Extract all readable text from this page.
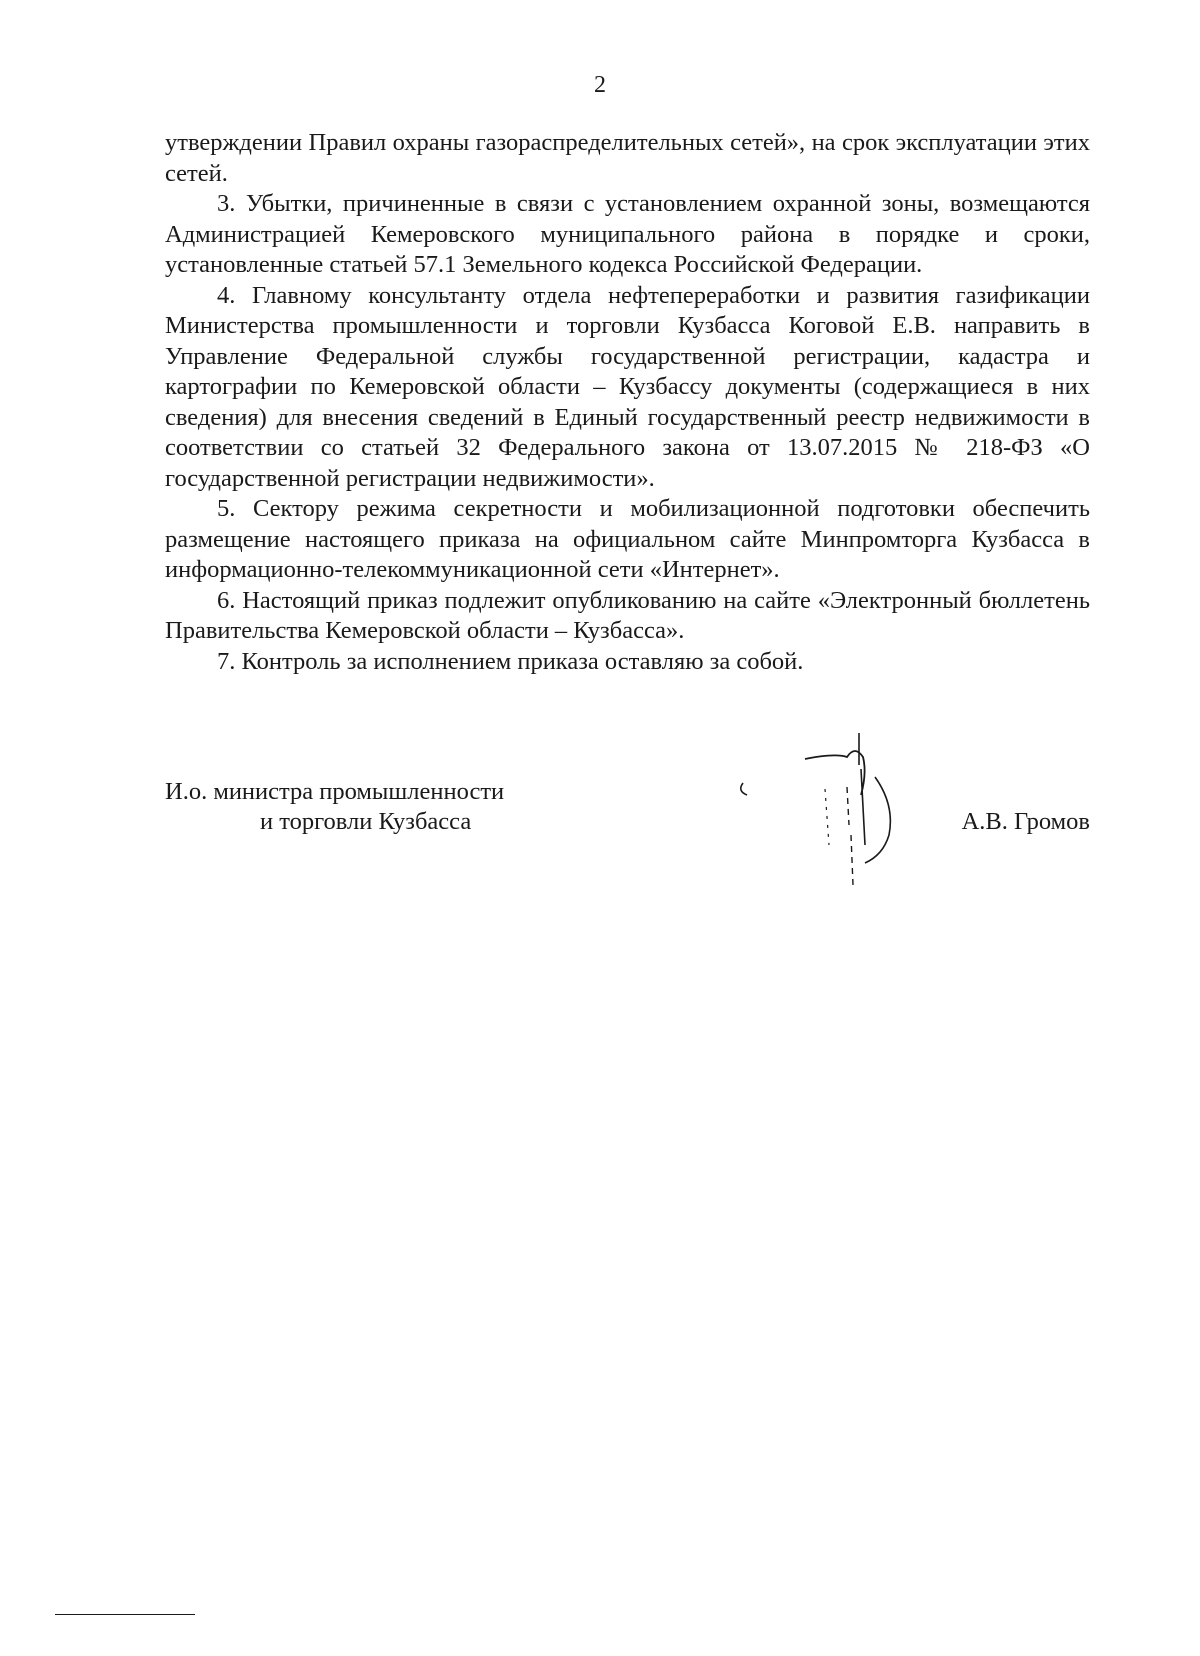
2

утверждении Правил охраны газораспределительных сетей», на срок эксплуатации этих сетей.

3. Убытки, причиненные в связи с установлением охранной зоны, возмещаются Администрацией Кемеровского муниципального района в порядке и сроки, установленные статьей 57.1 Земельного кодекса Российской Федерации.

4. Главному консультанту отдела нефтепереработки и развития газификации Министерства промышленности и торговли Кузбасса Коговой Е.В. направить в Управление Федеральной службы государственной регистрации, кадастра и картографии по Кемеровской области – Кузбассу документы (содержащиеся в них сведения) для внесения сведений в Единый государственный реестр недвижимости в соответствии со статьей 32 Федерального закона от 13.07.2015 № 218-ФЗ «О государственной регистрации недвижимости».

5. Сектору режима секретности и мобилизационной подготовки обеспечить размещение настоящего приказа на официальном сайте Минпромторга Кузбасса в информационно-телекоммуникационной сети «Интернет».

6. Настоящий приказ подлежит опубликованию на сайте «Электронный бюллетень Правительства Кемеровской области – Кузбасса».

7. Контроль за исполнением приказа оставляю за собой.

И.о. министра промышленности
и торговли Кузбасса	А.В. Громов
